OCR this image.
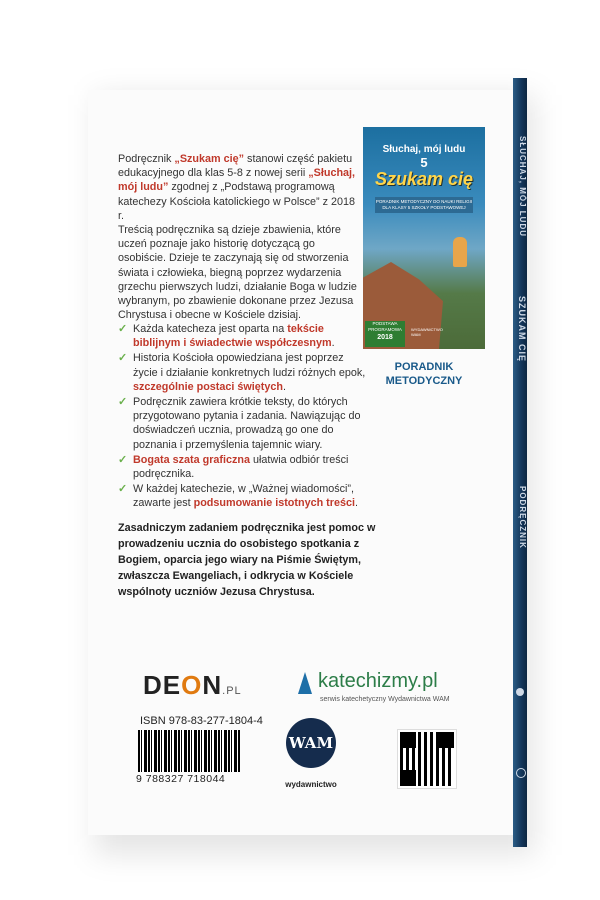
SŁUCHAJ, MÓJ LUDU
SZUKAM CIĘ
PODRĘCZNIK

Podręcznik „Szukam cię” stanowi część pakietu edukacyjnego dla klas 5-8 z nowej serii „Słuchaj, mój ludu” zgodnej z „Podstawą programową katechezy Kościoła katolickiego w Polsce” z 2018 r.

Treścią podręcznika są dzieje zbawienia, które uczeń poznaje jako historię dotyczącą go osobiście. Dzieje te zaczynają się od stworzenia świata i człowieka, biegną poprzez wydarzenia grzechu pierwszych ludzi, działanie Boga w ludzie wybranym, po zbawienie dokonane przez Jezusa Chrystusa i obecne w Kościele dzisiaj.

Słuchaj, mój ludu
5
Szukam cię
PORADNIK METODYCZNY DO NAUKI RELIGII DLA KLASY 5 SZKOŁY PODSTAWOWEJ
PODSTAWA PROGRAMOWA
2018
WYDAWNICTWO WAM
PORADNIK
METODYCZNY
✓ Każda katecheza jest oparta na tekście biblijnym i świadectwie współczesnym.
✓ Historia Kościoła opowiedziana jest poprzez życie i działanie konkretnych ludzi różnych epok, szczególnie postaci świętych.
✓ Podręcznik zawiera krótkie teksty, do których przygotowano pytania i zadania. Nawiązując do doświadczeń ucznia, prowadzą go one do poznania i przemyślenia tajemnic wiary.
✓ Bogata szata graficzna ułatwia odbiór treści podręcznika.
✓ W każdej katechezie, w „Ważnej wiadomości”, zawarte jest podsumowanie istotnych treści.
Zasadniczym zadaniem podręcznika jest pomoc w prowadzeniu ucznia do osobistego spotkania z Bogiem, oparcia jego wiary na Piśmie Świętym, zwłaszcza Ewangeliach, i odkrycia w Kościele wspólnoty uczniów Jezusa Chrystusa.
DEON.PL	katechizmy.pl
serwis katechetyczny Wydawnictwa WAM
ISBN 978-83-277-1804-4
9 788327 718044
WAM
wydawnictwo
